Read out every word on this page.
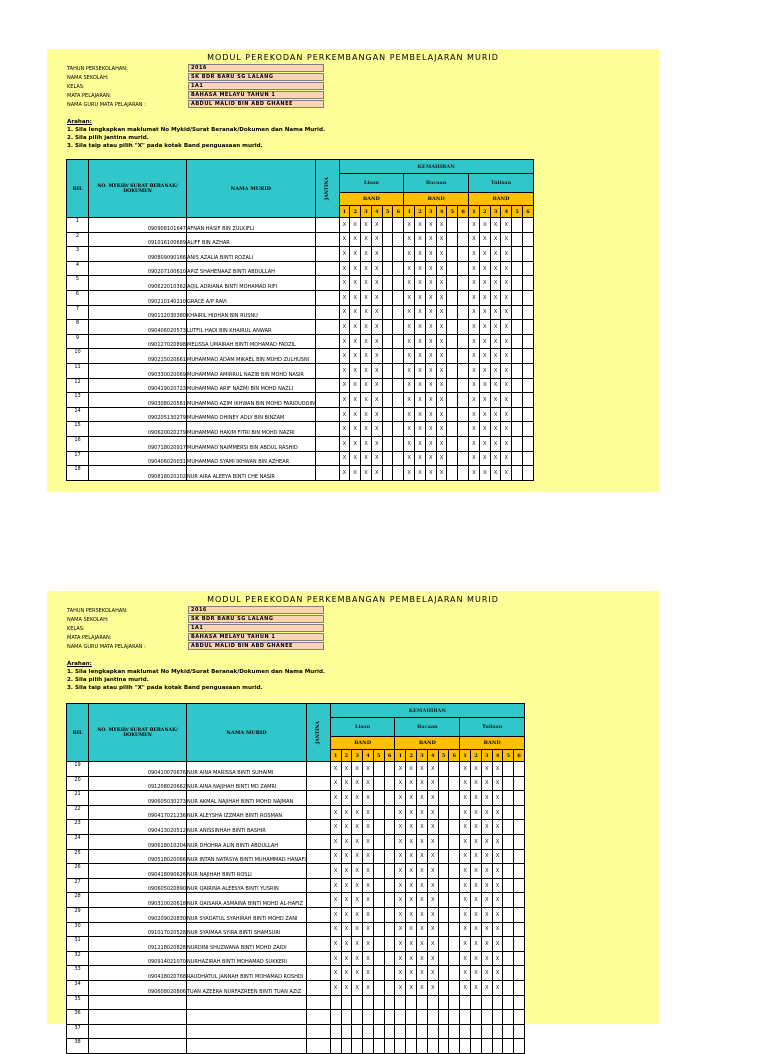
MODUL PEREKODAN PERKEMBANGAN PEMBELAJARAN MURID
TAHUN PERSEKOLAHAN:	2016
NAMA SEKOLAH:	SK BDR BARU SG LALANG
KELAS:	1A1
MATA PELAJARAN:	BAHASA MELAYU TAHUN 1
NAMA GURU MATA PELAJARAN :	ABDUL MALID BIN ABD GHANEE
Arahan:
1. Sila lengkapkan maklumat No Mykid/Surat Beranak/Dokumen dan Nama Murid.
2. Sila pilih jantina murid.
3. Sila taip atau pilih "X" pada kotak Band penguasaan murid.
BIL	NO. MYKID/ SURAT BERANAK/ DOKUMEN	NAMA MURID	JANTINA	KEMAHIRAN																	
				Lisan						Bacaan						Tulisan					
				BAND						BAND						BAND					
				1	2	3	4	5	6	1	2	3	4	5	6	1	2	3	4	5	6
1	090908101647	AFNAN HASIF BIN ZULKIFLI		X	X	X	X			X	X	X	X			X	X	X	X		
2	091016100689	ALIFF BIN AZHAR		X	X	X	X			X	X	X	X			X	X	X	X		
3	090809090166	ANIS AZALIA BINTI ROZALI		X	X	X	X			X	X	X	X			X	X	X	X		
4	090207100610	APIZ SHAHENAAZ BINTI ABDULLAH		X	X	X	X			X	X	X	X			X	X	X	X		
5	090622010362	AQIL ADRIANA BINTI MOHAMAD RIFI		X	X	X	X			X	X	X	X			X	X	X	X		
6	090210140210	GRACE A/P RAVI		X	X	X	X			X	X	X	X			X	X	X	X		
7	090112030380	KHAIRIL HIDHAN BIN RUSNU		X	X	X	X			X	X	X	X			X	X	X	X		
8	090406020573	LUTFIL HADI BIN KHAIRUL ANWAR		X	X	X	X			X	X	X	X			X	X	X	X		
9	090127020898	MELISSA UMAIRAH BINTI MOHAMAD FADZIL		X	X	X	X			X	X	X	X			X	X	X	X		
10	090215020661	MUHAMMAD ADAM MIKAEL BIN MUHD ZULHUSNI		X	X	X	X			X	X	X	X			X	X	X	X		
11	090330020069	MUHAMMAD AMIRRUL NAZIB BIN MOHD NASIR		X	X	X	X			X	X	X	X			X	X	X	X		
12	090419020723	MUHAMMAD ARIF NAZMI BIN MOHD NAZLI		X	X	X	X			X	X	X	X			X	X	X	X		
13	090308020561	MUHAMMAD AZIM IKHWAN BIN MOHD FARIDUDDIN		X	X	X	X			X	X	X	X			X	X	X	X		
14	090205130279	MUHAMMAD DHINEY ADLY BIN BINZAM		X	X	X	X			X	X	X	X			X	X	X	X		
15	090620020279	MUHAMMAD HAKIM FITRI BIN MOHD NAZRI		X	X	X	X			X	X	X	X			X	X	X	X		
16	090718020917	MUHAMMAD NAIMMERSI BIN ABDUL RASHID		X	X	X	X			X	X	X	X			X	X	X	X		
17	090406020031	MUHAMMAD SYAMI IKHWAN BIN AZHEAR		X	X	X	X			X	X	X	X			X	X	X	X		
18	090818020202	NUR AIRA ALEEYA BINTI CHE NASIR		X	X	X	X			X	X	X	X			X	X	X	X		
MODUL PEREKODAN PERKEMBANGAN PEMBELAJARAN MURID
TAHUN PERSEKOLAHAN:	2016
NAMA SEKOLAH:	SK BDR BARU SG LALANG
KELAS:	1A1
MATA PELAJARAN:	BAHASA MELAYU TAHUN 1
NAMA GURU MATA PELAJARAN :	ABDUL MALID BIN ABD GHANEE
Arahan:
1. Sila lengkapkan maklumat No Mykid/Surat Beranak/Dokumen dan Nama Murid.
2. Sila pilih jantina murid.
3. Sila taip atau pilih "X" pada kotak Band penguasaan murid.
BIL	NO. MYKID/ SURAT BERANAK/ DOKUMEN	NAMA MURID	JANTINA	KEMAHIRAN																	
				Lisan						Bacaan						Tulisan					
				BAND						BAND						BAND					
				1	2	3	4	5	6	1	2	3	4	5	6	1	2	3	4	5	6
19	090410070676	NUR AINA MARISSA BINTI SUHAIMI		X	X	X	X			X	X	X	X			X	X	X	X		
20	091208020662	NUR AINA NAJIHAH BINTI MD ZAMRI		X	X	X	X			X	X	X	X			X	X	X	X		
21	090605030273	NUR AKMAL NAJIHAH BINTI MOHD NAJMAN		X	X	X	X			X	X	X	X			X	X	X	X		
22	090417021236	NUR ALEYSHA IZZMAH BINTI ROSMAN		X	X	X	X			X	X	X	X			X	X	X	X		
23	090413020512	NUR ANISSINHAH BINTI BASHIR		X	X	X	X			X	X	X	X			X	X	X	X		
24	090618010204	NUR DHOHRA ALIN BINTI ABDULLAH		X	X	X	X			X	X	X	X			X	X	X	X		
25	090518020066	NUR INTAN NATASYA BINTI MUHAMMAD HANAFI		X	X	X	X			X	X	X	X			X	X	X	X		
26	090418090626	NUR NAJIHAH BINTI ROSLI		X	X	X	X			X	X	X	X			X	X	X	X		
27	090605020890	NUR QAIRINA ALEESYA BINTI YUSRIN		X	X	X	X			X	X	X	X			X	X	X	X		
28	090310020618	NUR QAISARA ASMAINA BINTI MOHD AL-HAFIZ		X	X	X	X			X	X	X	X			X	X	X	X		
29	090209020830	NUR SYADATUL SYAHIRAH BINTI MOHD ZANI		X	X	X	X			X	X	X	X			X	X	X	X		
30	091017020528	NUR SYAIMAA SYIRA BINTI SHAMSURI		X	X	X	X			X	X	X	X			X	X	X	X		
31	091218020828	NURDINI SHUZWANA BINTI MOHD ZAIDI		X	X	X	X			X	X	X	X			X	X	X	X		
32	090914021070	NURHAZIRAH BINTI MOHAMAD SUKKERI		X	X	X	X			X	X	X	X			X	X	X	X		
33	090418020768	RAUDHATUL JANNAH BINTI MOHAMAD ROSHDI		X	X	X	X			X	X	X	X			X	X	X	X		
34	090608020806	TUAN AZEERA NURFAZREEN BINTI TUAN AZIZ		X	X	X	X			X	X	X	X			X	X	X	X		
35																					
36																					
37																					
38																					
